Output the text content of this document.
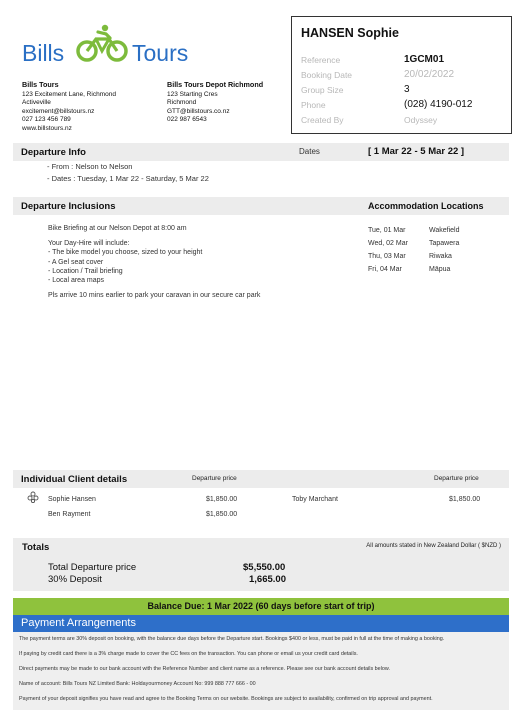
Bills	Tours
Bills Tours
123 Excitement Lane, Richmond
Activeville
excitement@billstours.nz
027 123 456 789
www.billstours.nz
Bills Tours Depot Richmond
123 Starting Cres
Richmond
GTT@billstours.co.nz
022 987 6543
HANSEN Sophie
Reference	1GCM01
Booking Date	20/02/2022
Group Size	3
Phone	(028) 4190-012
Created By	Odyssey
Departure Info	Dates	[ 1 Mar 22 - 5 Mar 22 ]
- From : Nelson to Nelson
- Dates : Tuesday, 1 Mar 22 - Saturday, 5 Mar 22
Departure Inclusions	Accommodation Locations
Bike Briefing at our Nelson Depot at 8:00 am
Your Day-Hire will include:
- The bike model you choose, sized to your height
- A Gel seat cover
- Location / Trail briefing
- Local area maps
Pls arrive 10 mins earlier to park your caravan in our secure car park
Tue, 01 Mar	Wakefield
Wed, 02 Mar	Tapawera
Thu, 03 Mar	Riwaka
Fri, 04 Mar	Māpua
Individual Client details	Departure price	Departure price
Sophie Hansen	$1,850.00
Ben Rayment	$1,850.00
Toby Marchant	$1,850.00
Totals	All amounts stated in New Zealand Dollar ( $NZD )
Total Departure price	$5,550.00
30% Deposit	1,665.00
Balance Due: 1 Mar 2022 (60 days before start of trip)
Payment Arrangements
The payment terms are 30% deposit on booking, with the balance due days before the Departure start. Bookings $400 or less, must be paid in full at the time of making a booking.
If paying by credit card there is a 3% charge made to cover the CC fees on the transaction. You can phone or email us your credit card details.
Direct payments may be made to our bank account with the Reference Number and client name as a reference. Please see our bank account details below.
Name of account: Bills Tours NZ Limited Bank: Holdayourmoney Account No: 999 888 777 666 - 00
Payment of your deposit signifies you have read and agree to the Booking Terms on our website. Bookings are subject to availability, confirmed on trip approval and payment.
